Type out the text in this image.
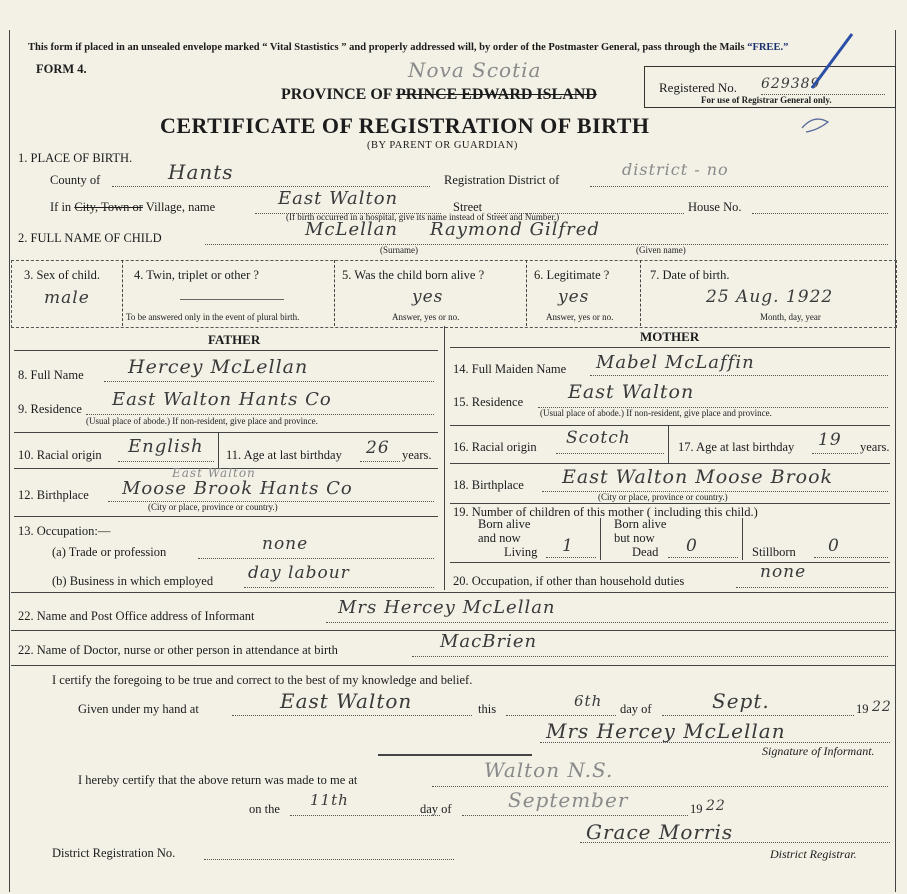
This form if placed in an unsealed envelope marked “ Vital Stastistics ” and properly addressed will, by order of the Postmaster General, pass through the Mails “FREE.”
FORM 4.	Nova Scotia
PROVINCE OF PRINCE EDWARD ISLAND	Registered No. 629389
For use of Registrar General only.
CERTIFICATE OF REGISTRATION OF BIRTH
(BY PARENT OR GUARDIAN)
1. PLACE OF BIRTH.
County of	Hants	Registration District of
district - no
If in City, Town or Village, name	East Walton	Street
(If birth occurred in a hospital, give its name instead of Street and Number.)
House No.
2. FULL NAME OF CHILD	McLellan Raymond Gilfred
(Surname)	(Given name)
3. Sex of child.
male
4. Twin, triplet or other ?
To be answered only in the event of plural birth.
5. Was the child born alive ?
yes
Answer, yes or no.
6. Legitimate ?
yes
Answer, yes or no.
7. Date of birth.
25 Aug. 1922
Month, day, year
FATHER	MOTHER
8. Full Name Hercey McLellan
9. Residence East Walton Hants Co
(Usual place of abode.) If non-resident, give place and province.
10. Racial origin English 11. Age at last birthday 26 years.
12. Birthplace
East Walton
Moose Brook Hants Co
(City or place, province or country.)
13. Occupation:—
(a) Trade or profession	none
(b) Business in which employed day labour
14. Full Maiden Name Mabel McLaffin
15. Residence East Walton
(Usual place of abode.) If non-resident, give place and province.
16. Racial origin Scotch	17. Age at last birthday 19 years.
18. Birthplace East Walton Moose Brook
(City or place, province or country.)
19. Number of children of this mother ( including this child.)
Born alive
and now
Living 1
Born alive
but now
Dead 0	Stillborn 0
20. Occupation, if other than household duties	none
22. Name and Post Office address of Informant	Mrs Hercey McLellan
22. Name of Doctor, nurse or other person in attendance at birth	MacBrien
I certify the foregoing to be true and correct to the best of my knowledge and belief.
Given under my hand at	East Walton	this	6th day of	Sept.	19 22
Mrs Hercey McLellan
Signature of Informant.
I hereby certify that the above return was made to me at	Walton N.S.
on the 11th	day of	September	19 22
Grace Morris
District Registration No.	District Registrar.
